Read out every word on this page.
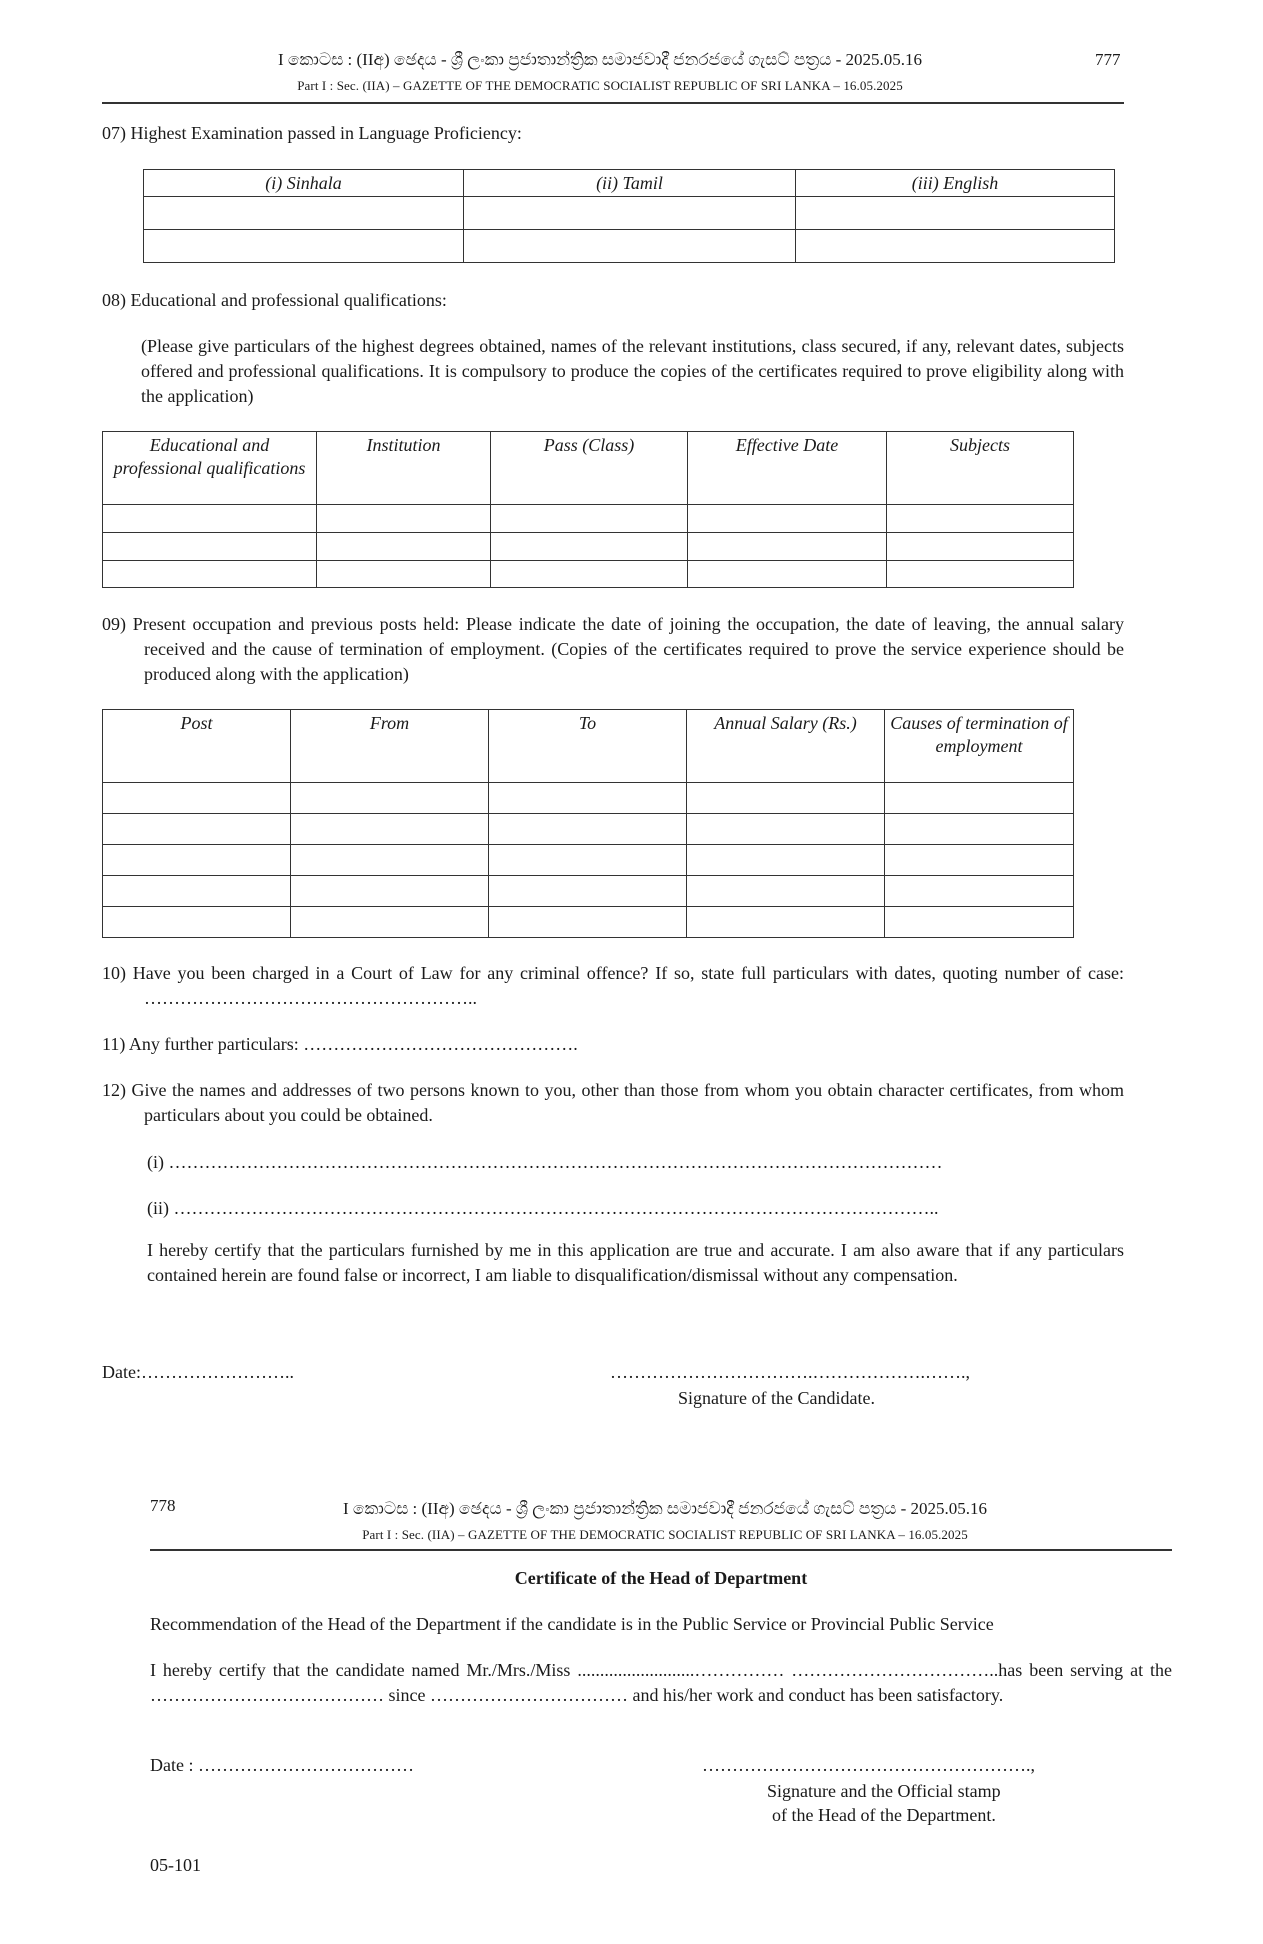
I කොටස : (IIඅ) ඡෙදය - ශ්‍රී ලංකා ප්‍රජාතාන්ත්‍රික සමාජවාදී ජනරජයේ ගැසට් පත්‍රය - 2025.05.16	777
Part I : Sec. (IIA) – GAZETTE OF THE DEMOCRATIC SOCIALIST REPUBLIC OF SRI LANKA – 16.05.2025
07) Highest Examination passed in Language Proficiency:
(i) Sinhala	(ii) Tamil	(iii) English

08) Educational and professional qualifications:
(Please give particulars of the highest degrees obtained, names of the relevant institutions, class secured, if any, relevant dates, subjects offered and professional qualifications. It is compulsory to produce the copies of the certificates required to prove eligibility along with the application)
Educational and professional qualifications	Institution	Pass (Class)	Effective Date	Subjects

09) Present occupation and previous posts held: Please indicate the date of joining the occupation, the date of leaving, the annual salary received and the cause of termination of employment. (Copies of the certificates required to prove the service experience should be produced along with the application)
Post	From	To	Annual Salary (Rs.)	Causes of termination of employment

10) Have you been charged in a Court of Law for any criminal offence? If so, state full particulars with dates, quoting number of case: ………………………………………………..
11) Any further particulars: ……………………………………….
12) Give the names and addresses of two persons known to you, other than those from whom you obtain character certificates, from whom particulars about you could be obtained.
(i) …………………………………………………………………………………………………………………
(ii) ………………………………………………………………………………………………………………..
I hereby certify that the particulars furnished by me in this application are true and accurate. I am also aware that if any particulars contained herein are found false or incorrect, I am liable to disqualification/dismissal without any compensation.
Date:……………………..	…………………………….……………….…….,
Signature of the Candidate.
778	I කොටස : (IIඅ) ඡෙදය - ශ්‍රී ලංකා ප්‍රජාතාන්ත්‍රික සමාජවාදී ජනරජයේ ගැසට් පත්‍රය - 2025.05.16
Part I : Sec. (IIA) – GAZETTE OF THE DEMOCRATIC SOCIALIST REPUBLIC OF SRI LANKA – 16.05.2025
Certificate of the Head of Department
Recommendation of the Head of the Department if the candidate is in the Public Service or Provincial Public Service
I hereby certify that the candidate named Mr./Mrs./Miss ..........................…………… ……………………………..has been serving at the ………………………………… since …………………………… and his/her work and conduct has been satisfactory.
Date : ………………………………	……………………………………………….,
Signature and the Official stamp
of the Head of the Department.
05-101
